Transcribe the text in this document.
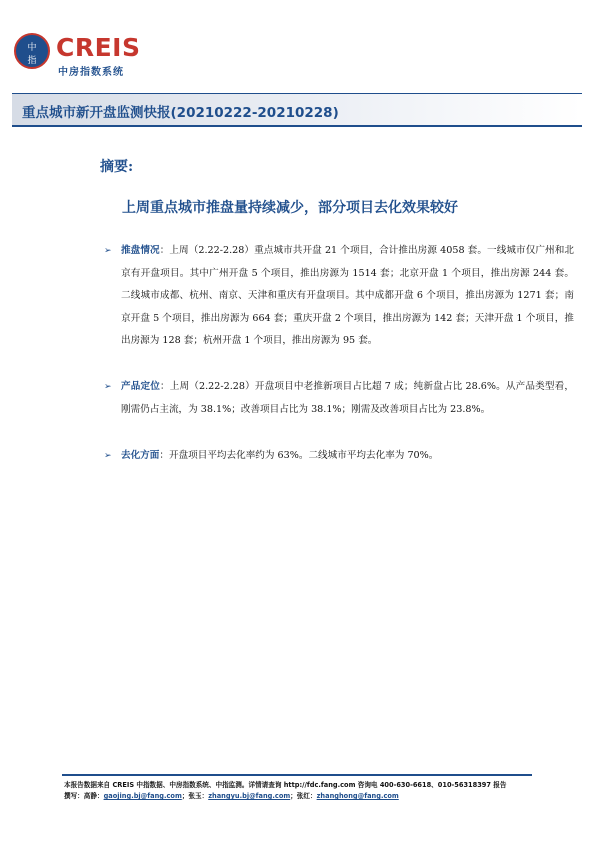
中
指 CREIS
中房指数系统
重点城市新开盘监测快报(20210222-20210228)
摘要:
上周重点城市推盘量持续减少，部分项目去化效果较好
➢ 推盘情况：上周（2.22-2.28）重点城市共开盘 21 个项目，合计推出房源 4058 套。一线城市仅广州和北京有开盘项目。其中广州开盘 5 个项目，推出房源为 1514 套；北京开盘 1 个项目，推出房源 244 套。二线城市成都、杭州、南京、天津和重庆有开盘项目。其中成都开盘 6 个项目，推出房源为 1271 套；南京开盘 5 个项目，推出房源为 664 套；重庆开盘 2 个项目，推出房源为 142 套；天津开盘 1 个项目，推出房源为 128 套；杭州开盘 1 个项目，推出房源为 95 套。
➢ 产品定位：上周（2.22-2.28）开盘项目中老推新项目占比超 7 成；纯新盘占比 28.6%。从产品类型看，刚需仍占主流，为 38.1%；改善项目占比为 38.1%；刚需及改善项目占比为 23.8%。
➢ 去化方面：开盘项目平均去化率约为 63%。二线城市平均去化率为 70%。
本报告数据来自 CREIS 中指数据、中房指数系统、中指监测。详情请查询 http://fdc.fang.com 咨询电 400-630-6618、010-56318397 报告
撰写：高静：gaojing.bj@fang.com；张玉：zhangyu.bj@fang.com；张红：zhanghong@fang.com
